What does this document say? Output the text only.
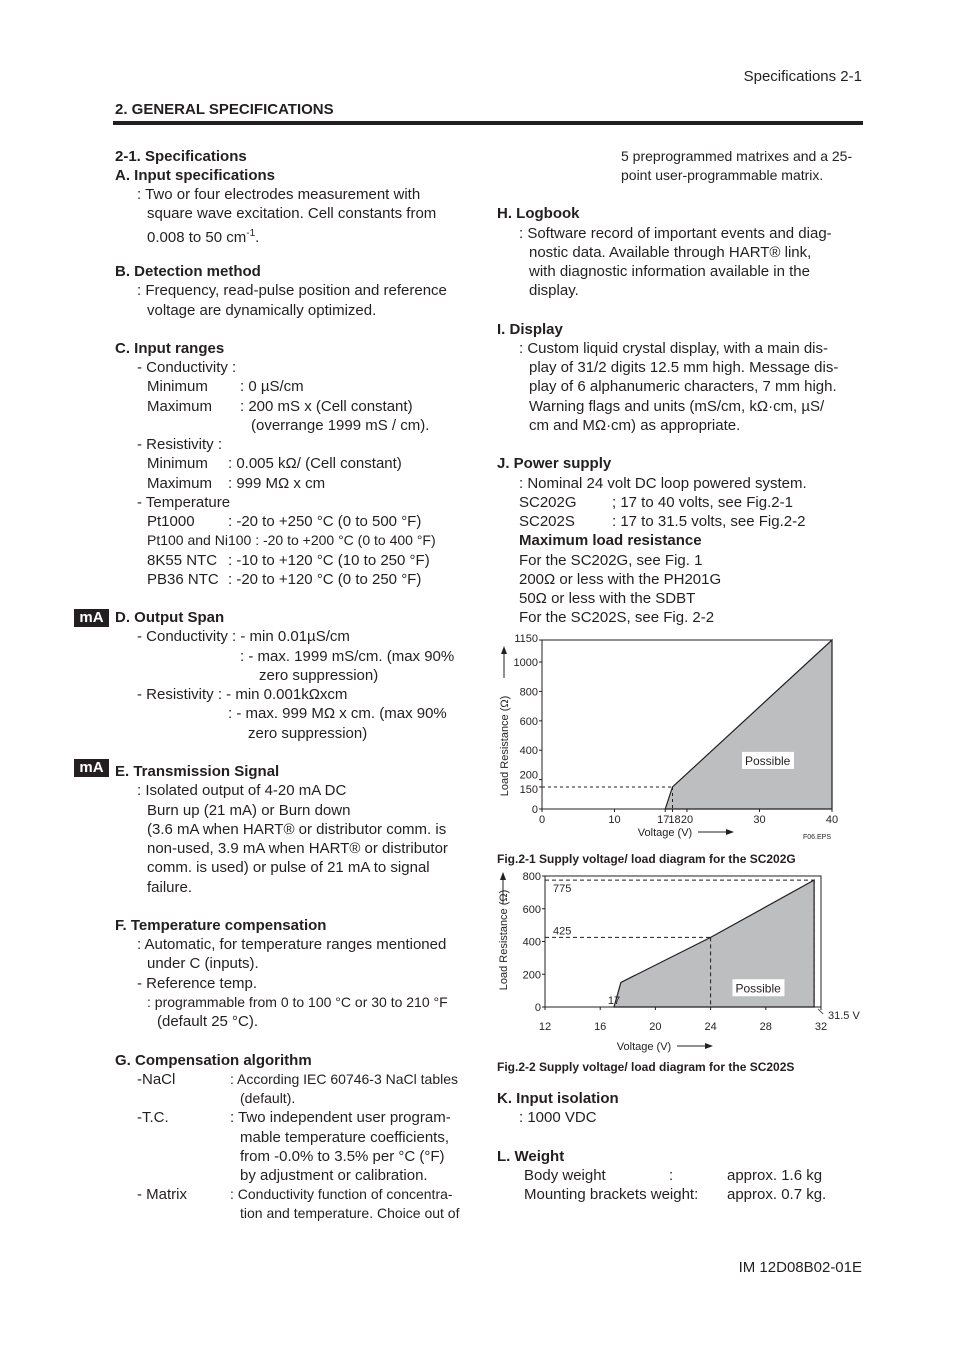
Specifications 2-1
2. GENERAL SPECIFICATIONS
2-1. Specifications
A. Input specifications
: Two or four electrodes measurement with
square wave excitation. Cell constants from
0.008 to 50 $cm^{-1}$.
B. Detection method
: Frequency, read-pulse position and reference
voltage are dynamically optimized.
C. Input ranges
- Conductivity :
Minimum : 0 µS/cm
Maximum : 200 mS x (Cell constant)
(overrange 1999 mS / cm).
- Resistivity :
Minimum : 0.005 kΩ/ (Cell constant)
Maximum : 999 MΩ x cm
- Temperature
Pt1000 : -20 to +250 °C (0 to 500 °F)
Pt100 and Ni100 : -20 to +200 °C (0 to 400 °F)
8K55 NTC : -10 to +120 °C (10 to 250 °F)
PB36 NTC : -20 to +120 °C (0 to 250 °F)
mA D. Output Span
- Conductivity : - min 0.01µS/cm
: - max. 1999 mS/cm. (max 90%
zero suppression)
- Resistivity : - min 0.001kΩxcm
: - max. 999 MΩ x cm. (max 90%
zero suppression)
mA E. Transmission Signal
: Isolated output of 4-20 mA DC
Burn up (21 mA) or Burn down
(3.6 mA when HART® or distributor comm. is
non-used, 3.9 mA when HART® or distributor
comm. is used) or pulse of 21 mA to signal
failure.
F. Temperature compensation
: Automatic, for temperature ranges mentioned
under C (inputs).
- Reference temp.
: programmable from 0 to 100 °C or 30 to 210 °F
(default 25 °C).
G. Compensation algorithm
-NaCl	: According IEC 60746-3 NaCl tables
(default).
-T.C.	: Two independent user program-
mable temperature coefficients,
from -0.0% to 3.5% per °C (°F)
by adjustment or calibration.
- Matrix	: Conductivity function of concentra-
tion and temperature. Choice out of
5 preprogrammed matrixes and a 25-
point user-programmable matrix.
H. Logbook
: Software record of important events and diag-
nostic data. Available through HART® link,
with diagnostic information available in the
display.
I. Display
: Custom liquid crystal display, with a main dis-
play of 31/2 digits 12.5 mm high. Message dis-
play of 6 alphanumeric characters, 7 mm high.
Warning flags and units (mS/cm, kΩ·cm, µS/
cm and MΩ·cm) as appropriate.
J. Power supply
: Nominal 24 volt DC loop powered system.
SC202G ; 17 to 40 volts, see Fig.2-1
SC202S : 17 to 31.5 volts, see Fig.2-2
Maximum load resistance
For the SC202G, see Fig. 1
200Ω or less with the PH201G
50Ω or less with the SDBT
For the SC202S, see Fig. 2-2
0
150
200
400
600
800
1000
1150
0	10	17 18 20	30	40
Possible
Voltage (V)
Load Resistance (Ω)
F06.EPS
Fig.2-1 Supply voltage/ load diagram for the SC202G
0
200
400
600
800
12	16	20	24	28	32
Possible
Voltage (V)
Load Resistance (Ω)
775
425
17
31.5 V
Fig.2-2 Supply voltage/ load diagram for the SC202S
K. Input isolation
: 1000 VDC
L. Weight
Body weight	:	approx. 1.6 kg
Mounting brackets weight: approx. 0.7 kg.
IM 12D08B02-01E
